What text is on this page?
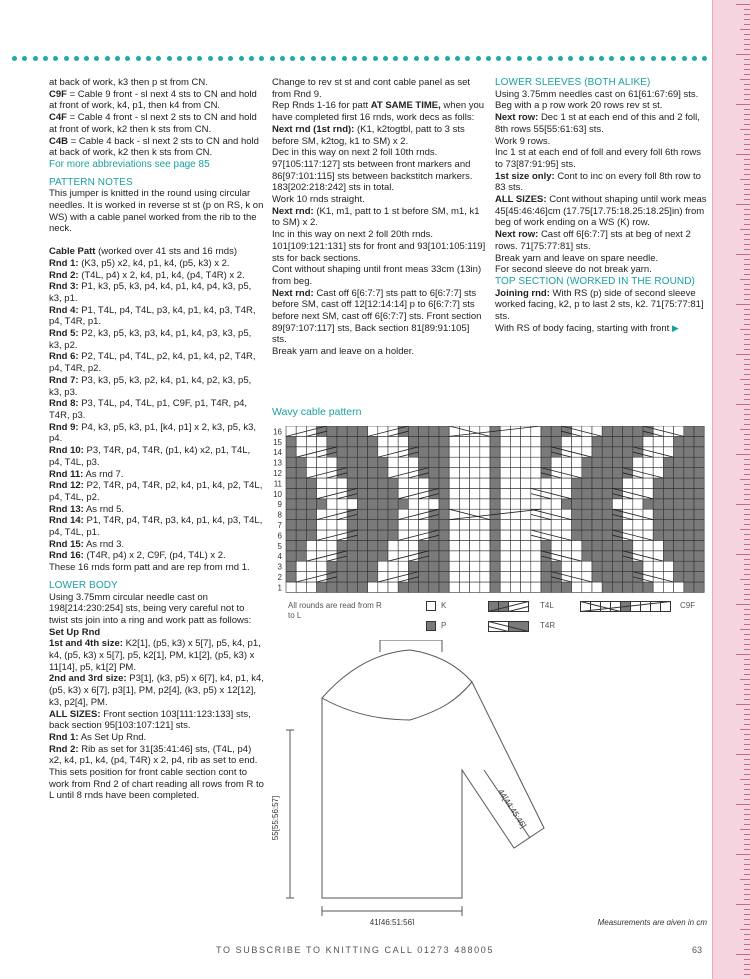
at back of work, k3 then p st from CN.

C9F = Cable 9 front - sl next 4 sts to CN and hold at front of work, k4, p1, then k4 from CN.

C4F = Cable 4 front - sl next 2 sts to CN and hold at front of work, k2 then k sts from CN.

C4B = Cable 4 back - sl next 2 sts to CN and hold at back of work, k2 then k sts from CN.

For more abbreviations see page 85

PATTERN NOTES

This jumper is knitted in the round using circular needles. It is worked in reverse st st (p on RS, k on WS) with a cable panel worked from the rib to the neck.

Cable Patt (worked over 41 sts and 16 rnds)

Rnd 1: (K3, p5) x2, k4, p1, k4, (p5, k3) x 2.

Rnd 2: (T4L, p4) x 2, k4, p1, k4, (p4, T4R) x 2.

Rnd 3: P1, k3, p5, k3, p4, k4, p1, k4, p4, k3, p5, k3, p1.

Rnd 4: P1, T4L, p4, T4L, p3, k4, p1, k4, p3, T4R, p4, T4R, p1.

Rnd 5: P2, k3, p5, k3, p3, k4, p1, k4, p3, k3, p5, k3, p2.

Rnd 6: P2, T4L, p4, T4L, p2, k4, p1, k4, p2, T4R, p4, T4R, p2.

Rnd 7: P3, k3, p5, k3, p2, k4, p1, k4, p2, k3, p5, k3, p3.

Rnd 8: P3, T4L, p4, T4L, p1, C9F, p1, T4R, p4, T4R, p3.

Rnd 9: P4, k3, p5, k3, p1, [k4, p1] x 2, k3, p5, k3, p4.

Rnd 10: P3, T4R, p4, T4R, (p1, k4) x2, p1, T4L, p4, T4L, p3.

Rnd 11: As rnd 7.

Rnd 12: P2, T4R, p4, T4R, p2, k4, p1, k4, p2, T4L, p4, T4L, p2.

Rnd 13: As rnd 5.

Rnd 14: P1, T4R, p4, T4R, p3, k4, p1, k4, p3, T4L, p4, T4L, p1.

Rnd 15: As rnd 3.

Rnd 16: (T4R, p4) x 2, C9F, (p4, T4L) x 2.

These 16 rnds form patt and are rep from rnd 1.

LOWER BODY

Using 3.75mm circular needle cast on 198[214:230:254] sts, being very careful not to twist sts join into a ring and work patt as follows:

Set Up Rnd

1st and 4th size: K2[1], (p5, k3) x 5[7], p5, k4, p1, k4, (p5, k3) x 5[7], p5, k2[1], PM, k1[2], (p5, k3) x 11[14], p5, k1[2] PM.

2nd and 3rd size: P3[1], (k3, p5) x 6[7], k4, p1, k4, (p5, k3) x 6[7], p3[1], PM, p2[4], (k3, p5) x 12[12], k3, p2[4], PM.

ALL SIZES: Front section 103[111:123:133] sts, back section 95[103:107:121] sts.

Rnd 1: As Set Up Rnd.

Rnd 2: Rib as set for 31[35:41:46] sts, (T4L, p4) x2, k4, p1, k4, (p4, T4R) x 2, p4, rib as set to end.

This sets position for front cable section cont to work from Rnd 2 of chart reading all rows from R to L until 8 rnds have been completed.

Change to rev st st and cont cable panel as set from Rnd 9.

Rep Rnds 1-16 for patt AT SAME TIME, when you have completed first 16 rnds, work decs as folls:

Next rnd (1st rnd): (K1, k2togtbl, patt to 3 sts before SM, k2tog, k1 to SM) x 2.

Dec in this way on next 2 foll 10th rnds. 97[105:117:127] sts between front markers and 86[97:101:115] sts between backstitch markers. 183[202:218:242] sts in total.

Work 10 rnds straight.

Next rnd: (K1, m1, patt to 1 st before SM, m1, k1 to SM) x 2.

Inc in this way on next 2 foll 20th rnds. 101[109:121:131] sts for front and 93[101:105:119] sts for back sections.

Cont without shaping until front meas 33cm (13in) from beg.

Next rnd: Cast off 6[6:7:7] sts patt to 6[6:7:7] sts before SM, cast off 12[12:14:14] p to 6[6:7:7] sts before next SM, cast off 6[6:7:7] sts. Front section 89[97:107:117] sts, Back section 81[89:91:105] sts.

Break yarn and leave on a holder.

LOWER SLEEVES (BOTH ALIKE)

Using 3.75mm needles cast on 61[61:67:69] sts.

Beg with a p row work 20 rows rev st st.

Next row: Dec 1 st at each end of this and 2 foll, 8th rows 55[55:61:63] sts.

Work 9 rows.

Inc 1 st at each end of foll and every foll 6th rows to 73[87:91:95] sts.

1st size only: Cont to inc on every foll 8th row to 83 sts.

ALL SIZES: Cont without shaping until work meas 45[45:46:46]cm (17.75[17.75:18.25:18.25]in) from beg of work ending on a WS (K) row.

Next row: Cast off 6[6:7:7] sts at beg of next 2 rows. 71[75:77:81] sts.

Break yarn and leave on spare needle.

For second sleeve do not break yarn.

TOP SECTION (WORKED IN THE ROUND)

Joining rnd: With RS (p) side of second sleeve worked facing, k2, p to last 2 sts, k2. 71[75:77:81] sts.

With RS of body facing, starting with front ▶

Wavy cable pattern
1
2
3
4
5
6
7
8
9
10
11
12
13
14
15
16
All rounds are read from R to L
K
P
T4L
T4R
C9F
55[55:56:57]
41[46:51:56]
44[44:45:46]
Measurements are given in cm
TO SUBSCRIBE TO KNITTING CALL 01273 488005	63
